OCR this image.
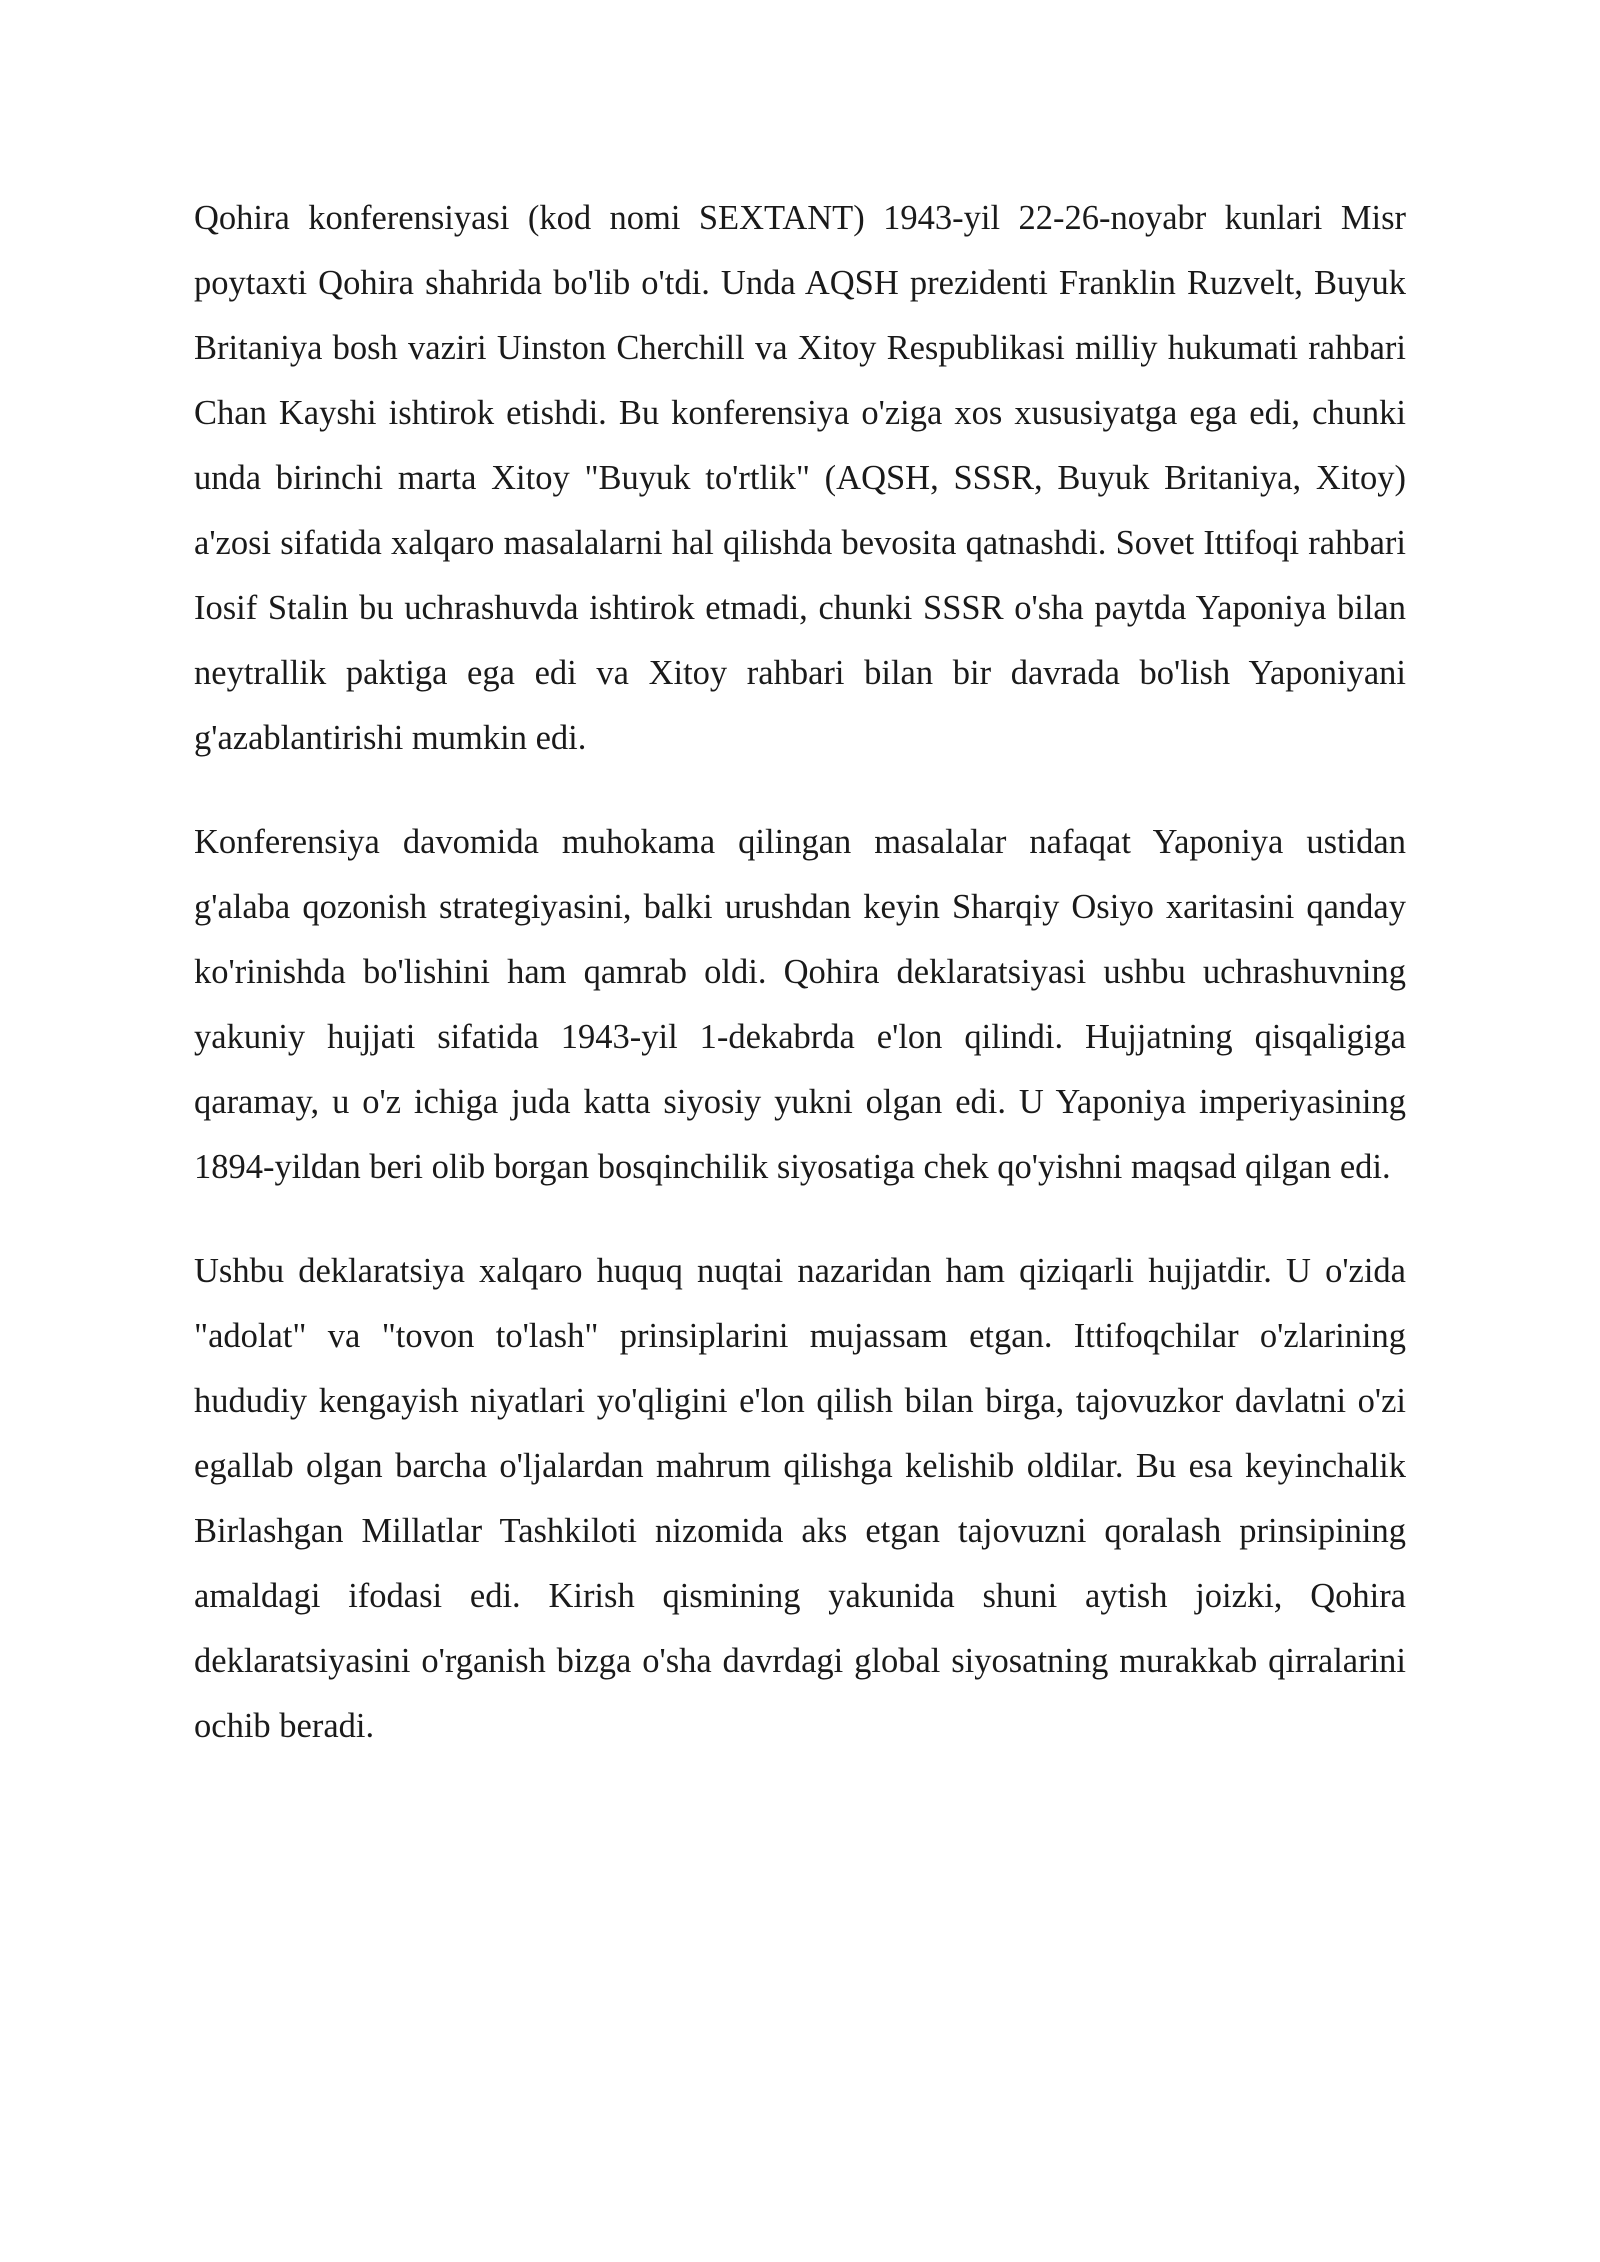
Qohira konferensiyasi (kod nomi SEXTANT) 1943-yil 22-26-noyabr kunlari Misr poytaxti Qohira shahrida bo'lib o'tdi. Unda AQSH prezidenti Franklin Ruzvelt, Buyuk Britaniya bosh vaziri Uinston Cherchill va Xitoy Respublikasi milliy hukumati rahbari Chan Kayshi ishtirok etishdi. Bu konferensiya o'ziga xos xususiyatga ega edi, chunki unda birinchi marta Xitoy "Buyuk to'rtlik" (AQSH, SSSR, Buyuk Britaniya, Xitoy) a'zosi sifatida xalqaro masalalarni hal qilishda bevosita qatnashdi. Sovet Ittifoqi rahbari Iosif Stalin bu uchrashuvda ishtirok etmadi, chunki SSSR o'sha paytda Yaponiya bilan neytrallik paktiga ega edi va Xitoy rahbari bilan bir davrada bo'lish Yaponiyani g'azablantirishi mumkin edi.

Konferensiya davomida muhokama qilingan masalalar nafaqat Yaponiya ustidan g'alaba qozonish strategiyasini, balki urushdan keyin Sharqiy Osiyo xaritasini qanday ko'rinishda bo'lishini ham qamrab oldi. Qohira deklaratsiyasi ushbu uchrashuvning yakuniy hujjati sifatida 1943-yil 1-dekabrda e'lon qilindi. Hujjatning qisqaligiga qaramay, u o'z ichiga juda katta siyosiy yukni olgan edi. U Yaponiya imperiyasining 1894-yildan beri olib borgan bosqinchilik siyosatiga chek qo'yishni maqsad qilgan edi.

Ushbu deklaratsiya xalqaro huquq nuqtai nazaridan ham qiziqarli hujjatdir. U o'zida "adolat" va "tovon to'lash" prinsiplarini mujassam etgan. Ittifoqchilar o'zlarining hududiy kengayish niyatlari yo'qligini e'lon qilish bilan birga, tajovuzkor davlatni o'zi egallab olgan barcha o'ljalardan mahrum qilishga kelishib oldilar. Bu esa keyinchalik Birlashgan Millatlar Tashkiloti nizomida aks etgan tajovuzni qoralash prinsipining amaldagi ifodasi edi. Kirish qismining yakunida shuni aytish joizki, Qohira deklaratsiyasini o'rganish bizga o'sha davrdagi global siyosatning murakkab qirralarini ochib beradi.
